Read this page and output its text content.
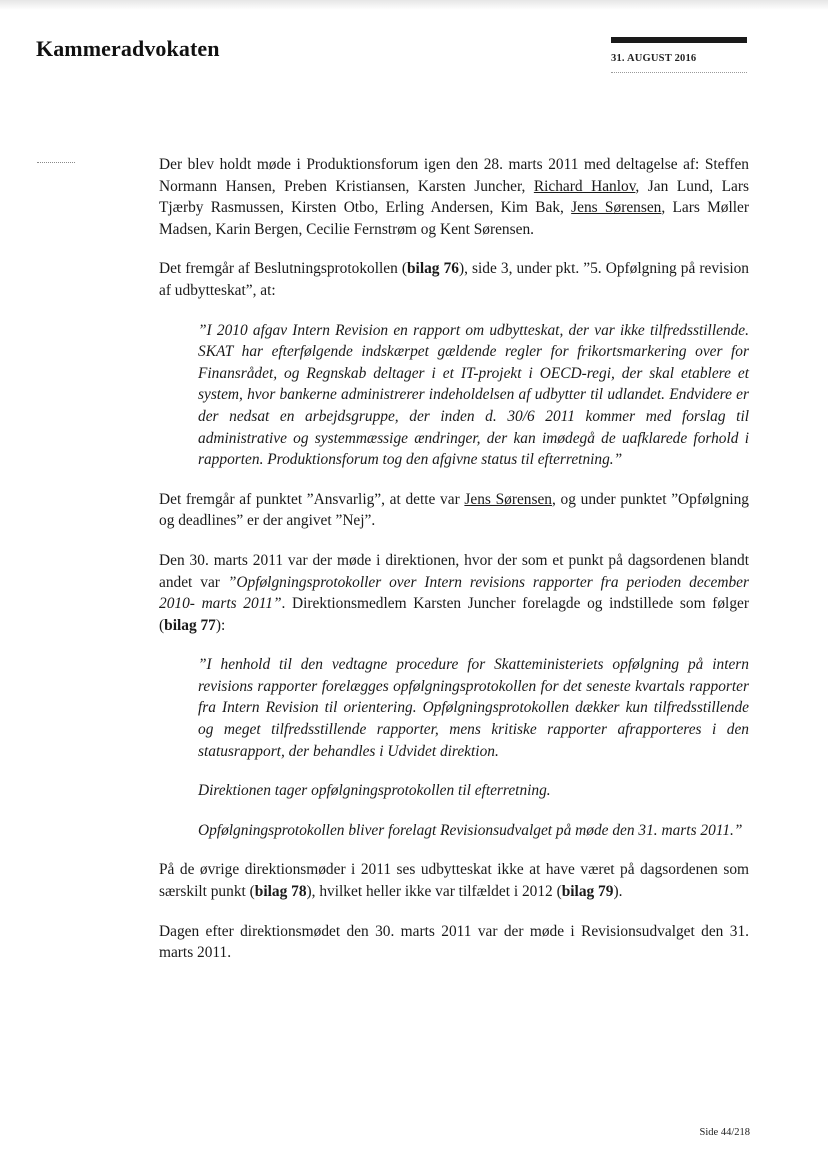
Kammeradvokaten	31. AUGUST 2016

Der blev holdt møde i Produktionsforum igen den 28. marts 2011 med deltagelse af: Steffen Normann Hansen, Preben Kristiansen, Karsten Juncher, Richard Hanlov, Jan Lund, Lars Tjærby Rasmussen, Kirsten Otbo, Erling Andersen, Kim Bak, Jens Sørensen, Lars Møller Madsen, Karin Bergen, Cecilie Fernstrøm og Kent Sørensen.

Det fremgår af Beslutningsprotokollen (bilag 76), side 3, under pkt. ”5. Opfølgning på revision af udbytteskat”, at:

”I 2010 afgav Intern Revision en rapport om udbytteskat, der var ikke tilfredsstillende. SKAT har efterfølgende indskærpet gældende regler for frikortsmarkering over for Finansrådet, og Regnskab deltager i et IT-projekt i OECD-regi, der skal etablere et system, hvor bankerne administrerer indeholdelsen af udbytter til udlandet. Endvidere er der nedsat en arbejdsgruppe, der inden d. 30/6 2011 kommer med forslag til administrative og systemmæssige ændringer, der kan imødegå de uafklarede forhold i rapporten. Produktionsforum tog den afgivne status til efterretning.”

Det fremgår af punktet ”Ansvarlig”, at dette var Jens Sørensen, og under punktet ”Opfølgning og deadlines” er der angivet ”Nej”.

Den 30. marts 2011 var der møde i direktionen, hvor der som et punkt på dagsordenen blandt andet var ”Opfølgningsprotokoller over Intern revisions rapporter fra perioden december 2010- marts 2011”. Direktionsmedlem Karsten Juncher forelagde og indstillede som følger (bilag 77):

”I henhold til den vedtagne procedure for Skatteministeriets opfølgning på intern revisions rapporter forelægges opfølgningsprotokollen for det seneste kvartals rapporter fra Intern Revision til orientering. Opfølgningsprotokollen dækker kun tilfredsstillende og meget tilfredsstillende rapporter, mens kritiske rapporter afrapporteres i den statusrapport, der behandles i Udvidet direktion.

Direktionen tager opfølgningsprotokollen til efterretning.

Opfølgningsprotokollen bliver forelagt Revisionsudvalget på møde den 31. marts 2011.”

På de øvrige direktionsmøder i 2011 ses udbytteskat ikke at have været på dagsordenen som særskilt punkt (bilag 78), hvilket heller ikke var tilfældet i 2012 (bilag 79).

Dagen efter direktionsmødet den 30. marts 2011 var der møde i Revisionsudvalget den 31. marts 2011.

Side 44/218
